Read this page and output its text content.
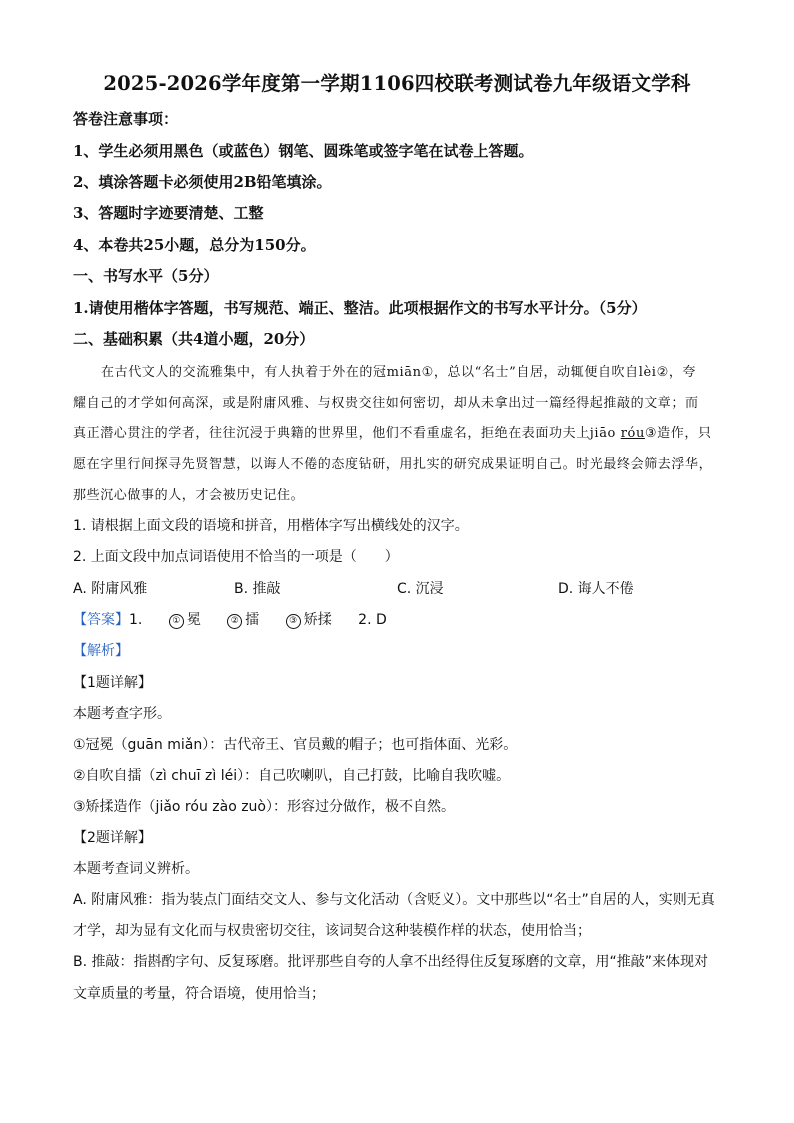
2025-2026学年度第一学期1106四校联考测试卷九年级语文学科
答卷注意事项：
1、学生必须用黑色（或蓝色）钢笔、圆珠笔或签字笔在试卷上答题。
2、填涂答题卡必须使用2B铅笔填涂。
3、答题时字迹要清楚、工整
4、本卷共25小题，总分为150分。
一、书写水平（5分）
1.请使用楷体字答题，书写规范、端正、整洁。此项根据作文的书写水平计分。（5分）
二、基础积累（共4道小题，20分）
在古代文人的交流雅集中，有人执着于外在的冠miān①，总以“名士”自居，动辄便自吹自lèi②，夸
耀自己的才学如何高深，或是附庸风雅、与权贵交往如何密切，却从未拿出过一篇经得起推敲的文章；而
真正潜心贯注的学者，往往沉浸于典籍的世界里，他们不看重虚名，拒绝在表面功夫上jiāo róu③造作，只
愿在字里行间探寻先贤智慧，以诲人不倦的态度钻研，用扎实的研究成果证明自己。时光最终会筛去浮华，
那些沉心做事的人，才会被历史记住。
1. 请根据上面文段的语境和拼音，用楷体字写出横线处的汉字。
2. 上面文段中加点词语使用不恰当的一项是（　　）
A. 附庸风雅	B. 推敲	C. 沉浸	D. 诲人不倦
【答案】1.	① 冕	② 擂	③ 矫揉 2. D
【解析】
【1题详解】
本题考查字形。
①冠冕（guān miǎn）：古代帝王、官员戴的帽子；也可指体面、光彩。
②自吹自擂（zì chuī zì léi）：自己吹喇叭，自己打鼓，比喻自我吹嘘。
③矫揉造作（jiǎo róu zào zuò）：形容过分做作，极不自然。
【2题详解】
本题考查词义辨析。
A. 附庸风雅：指为装点门面结交文人、参与文化活动（含贬义）。文中那些以“名士”自居的人，实则无真
才学，却为显有文化而与权贵密切交往，该词契合这种装模作样的状态，使用恰当；
B. 推敲：指斟酌字句、反复琢磨。批评那些自夸的人拿不出经得住反复琢磨的文章，用“推敲”来体现对
文章质量的考量，符合语境，使用恰当；
